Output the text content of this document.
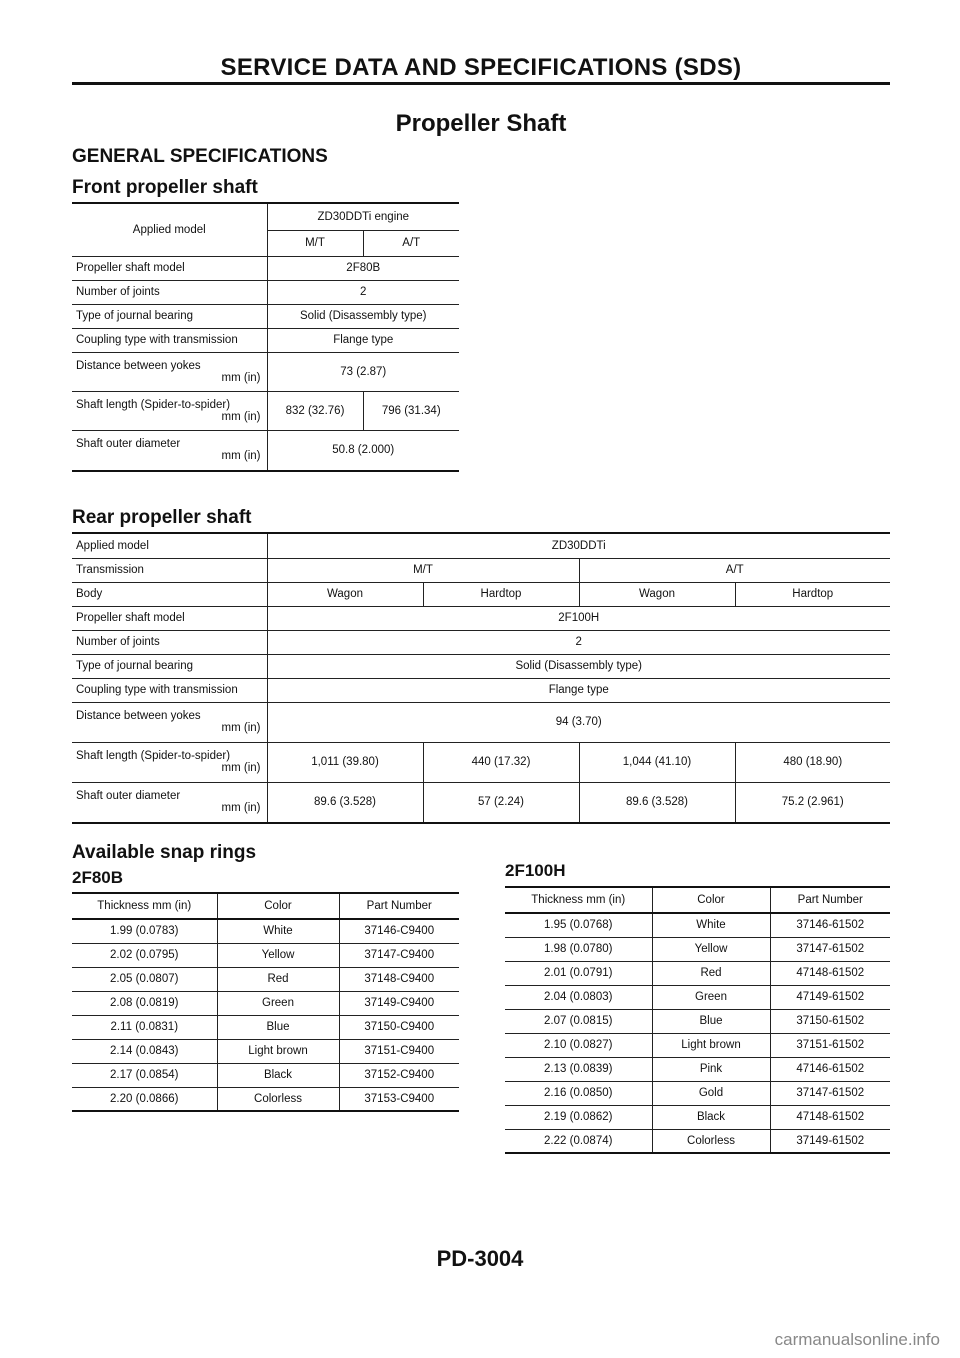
SERVICE DATA AND SPECIFICATIONS (SDS)
Propeller Shaft
GENERAL SPECIFICATIONS
Front propeller shaft
Applied model	ZD30DDTi engine	
	M/T	A/T
Propeller shaft model	2F80B	
Number of joints	2	
Type of journal bearing	Solid (Disassembly type)	
Coupling type with transmission	Flange type	
Distance between yokes
mm (in)	73 (2.87)	
Shaft length (Spider-to-spider)
mm (in)	832 (32.76)	796 (31.34)
Shaft outer diameter
mm (in)	50.8 (2.000)	
Rear propeller shaft
Applied model	ZD30DDTi			
Transmission	M/T		A/T	
Body	Wagon	Hardtop	Wagon	Hardtop
Propeller shaft model	2F100H			
Number of joints	2			
Type of journal bearing	Solid (Disassembly type)			
Coupling type with transmission	Flange type			
Distance between yokes
mm (in)	94 (3.70)			
Shaft length (Spider-to-spider)
mm (in)	1,011 (39.80)	440 (17.32)	1,044 (41.10)	480 (18.90)
Shaft outer diameter
mm (in)	89.6 (3.528)	57 (2.24)	89.6 (3.528)	75.2 (2.961)
Available snap rings
2F80B	2F100H
Thickness mm (in)	Color	Part Number
1.99 (0.0783)	White	37146-C9400
2.02 (0.0795)	Yellow	37147-C9400
2.05 (0.0807)	Red	37148-C9400
2.08 (0.0819)	Green	37149-C9400
2.11 (0.0831)	Blue	37150-C9400
2.14 (0.0843)	Light brown	37151-C9400
2.17 (0.0854)	Black	37152-C9400
2.20 (0.0866)	Colorless	37153-C9400
Thickness mm (in)	Color	Part Number
1.95 (0.0768)	White	37146-61502
1.98 (0.0780)	Yellow	37147-61502
2.01 (0.0791)	Red	47148-61502
2.04 (0.0803)	Green	47149-61502
2.07 (0.0815)	Blue	37150-61502
2.10 (0.0827)	Light brown	37151-61502
2.13 (0.0839)	Pink	47146-61502
2.16 (0.0850)	Gold	37147-61502
2.19 (0.0862)	Black	47148-61502
2.22 (0.0874)	Colorless	37149-61502
PD-3004
carmanualsonline.info
